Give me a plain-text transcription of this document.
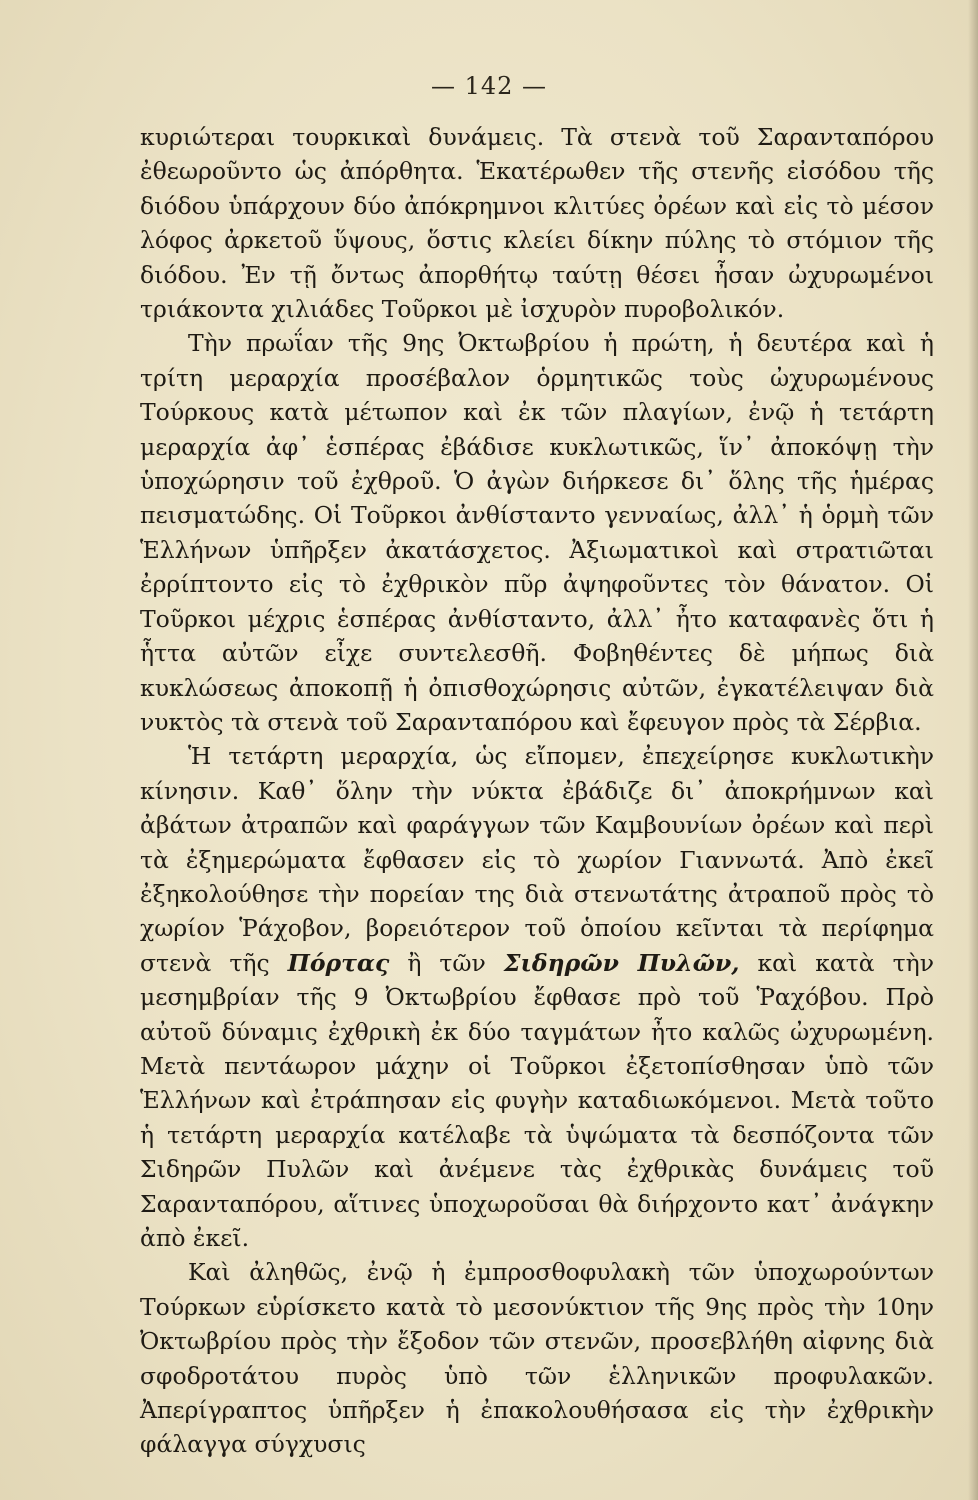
— 142 —

κυριώτεραι τουρκικαὶ δυνάμεις. Τὰ στενὰ τοῦ Σαρανταπόρου ἐθεωροῦντο ὡς ἀπόρθητα. Ἑκατέρωθεν τῆς στενῆς εἰσόδου τῆς διόδου ὑπάρχουν δύο ἀπόκρημνοι κλιτύες ὀρέων καὶ εἰς τὸ μέσον λόφος ἀρκετοῦ ὕψους, ὅστις κλείει δίκην πύλης τὸ στόμιον τῆς διόδου. Ἐν τῇ ὄντως ἀπορθήτῳ ταύτῃ θέσει ἦσαν ὠχυρωμένοι τριάκοντα χιλιάδες Τοῦρκοι μὲ ἰσχυρὸν πυροβολικόν.

Τὴν πρωΐαν τῆς 9ης Ὀκτωβρίου ἡ πρώτη, ἡ δευτέρα καὶ ἡ τρίτη μεραρχία προσέβαλον ὁρμητικῶς τοὺς ὠχυρωμένους Τούρκους κατὰ μέτωπον καὶ ἐκ τῶν πλαγίων, ἐνῷ ἡ τετάρτη μεραρχία ἀφ᾽ ἑσπέρας ἐβάδισε κυκλωτικῶς, ἵν᾽ ἀποκόψῃ τὴν ὑποχώρησιν τοῦ ἐχθροῦ. Ὁ ἀγὼν διήρκεσε δι᾽ ὅλης τῆς ἡμέρας πεισματώδης. Οἱ Τοῦρκοι ἀνθίσταντο γενναίως, ἀλλ᾽ ἡ ὁρμὴ τῶν Ἑλλήνων ὑπῆρξεν ἀκατάσχετος. Ἀξιωματικοὶ καὶ στρατιῶται ἐρρίπτοντο εἰς τὸ ἐχθρικὸν πῦρ ἀψηφοῦντες τὸν θάνατον. Οἱ Τοῦρκοι μέχρις ἑσπέρας ἀνθίσταντο, ἀλλ᾽ ἦτο καταφανὲς ὅτι ἡ ἧττα αὐτῶν εἶχε συντελεσθῆ. Φοβηθέντες δὲ μήπως διὰ κυκλώσεως ἀποκοπῇ ἡ ὀπισθοχώρησις αὐτῶν, ἐγκατέλειψαν διὰ νυκτὸς τὰ στενὰ τοῦ Σαρανταπόρου καὶ ἔφευγον πρὸς τὰ Σέρβια.

Ἡ τετάρτη μεραρχία, ὡς εἴπομεν, ἐπεχείρησε κυκλωτικὴν κίνησιν. Καθ᾽ ὅλην τὴν νύκτα ἐβάδιζε δι᾽ ἀποκρήμνων καὶ ἀβάτων ἀτραπῶν καὶ φαράγγων τῶν Καμβουνίων ὀρέων καὶ περὶ τὰ ἐξημερώματα ἔφθασεν εἰς τὸ χωρίον Γιαννωτά. Ἀπὸ ἐκεῖ ἐξηκολούθησε τὴν πορείαν της διὰ στενωτάτης ἀτραποῦ πρὸς τὸ χωρίον Ῥάχοβον, βορειότερον τοῦ ὁποίου κεῖνται τὰ περίφημα στενὰ τῆς Πόρτας ἢ τῶν Σιδηρῶν Πυλῶν, καὶ κατὰ τὴν μεσημβρίαν τῆς 9 Ὀκτωβρίου ἔφθασε πρὸ τοῦ Ῥαχόβου. Πρὸ αὐτοῦ δύναμις ἐχθρικὴ ἐκ δύο ταγμάτων ἦτο καλῶς ὠχυρωμένη. Μετὰ πεντάωρον μάχην οἱ Τοῦρκοι ἐξετοπίσθησαν ὑπὸ τῶν Ἑλλήνων καὶ ἐτράπησαν εἰς φυγὴν καταδιωκόμενοι. Μετὰ τοῦτο ἡ τετάρτη μεραρχία κατέλαβε τὰ ὑψώματα τὰ δεσπόζοντα τῶν Σιδηρῶν Πυλῶν καὶ ἀνέμενε τὰς ἐχθρικὰς δυνάμεις τοῦ Σαρανταπόρου, αἵτινες ὑποχωροῦσαι θὰ διήρχοντο κατ᾽ ἀνάγκην ἀπὸ ἐκεῖ.

Καὶ ἀληθῶς, ἐνῷ ἡ ἐμπροσθοφυλακὴ τῶν ὑποχωρούντων Τούρκων εὑρίσκετο κατὰ τὸ μεσονύκτιον τῆς 9ης πρὸς τὴν 10ην Ὀκτωβρίου πρὸς τὴν ἔξοδον τῶν στενῶν, προσεβλήθη αἰφνης διὰ σφοδροτάτου πυρὸς ὑπὸ τῶν ἑλληνικῶν προφυλακῶν. Ἀπερίγραπτος ὑπῆρξεν ἡ ἐπακολουθήσασα εἰς τὴν ἐχθρικὴν φάλαγγα σύγχυσις
